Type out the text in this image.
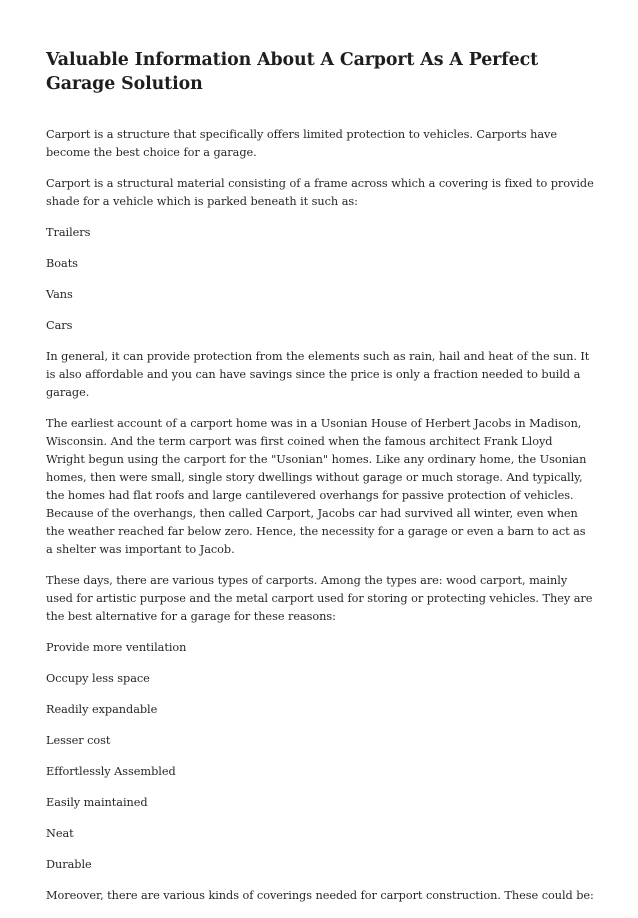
Valuable Information About A Carport As A Perfect Garage Solution

Carport is a structure that specifically offers limited protection to vehicles. Carports have become the best choice for a garage.

Carport is a structural material consisting of a frame across which a covering is fixed to provide shade for a vehicle which is parked beneath it such as:

Trailers

Boats

Vans

Cars

In general, it can provide protection from the elements such as rain, hail and heat of the sun. It is also affordable and you can have savings since the price is only a fraction needed to build a garage.

The earliest account of a carport home was in a Usonian House of Herbert Jacobs in Madison, Wisconsin. And the term carport was first coined when the famous architect Frank Lloyd Wright begun using the carport for the "Usonian" homes. Like any ordinary home, the Usonian homes, then were small, single story dwellings without garage or much storage. And typically, the homes had flat roofs and large cantilevered overhangs for passive protection of vehicles. Because of the overhangs, then called Carport, Jacobs car had survived all winter, even when the weather reached far below zero. Hence, the necessity for a garage or even a barn to act as a shelter was important to Jacob.

These days, there are various types of carports. Among the types are: wood carport, mainly used for artistic purpose and the metal carport used for storing or protecting vehicles. They are the best alternative for a garage for these reasons:

Provide more ventilation

Occupy less space

Readily expandable

Lesser cost

Effortlessly Assembled

Easily maintained

Neat

Durable

Moreover, there are various kinds of coverings needed for carport construction. These could be:
